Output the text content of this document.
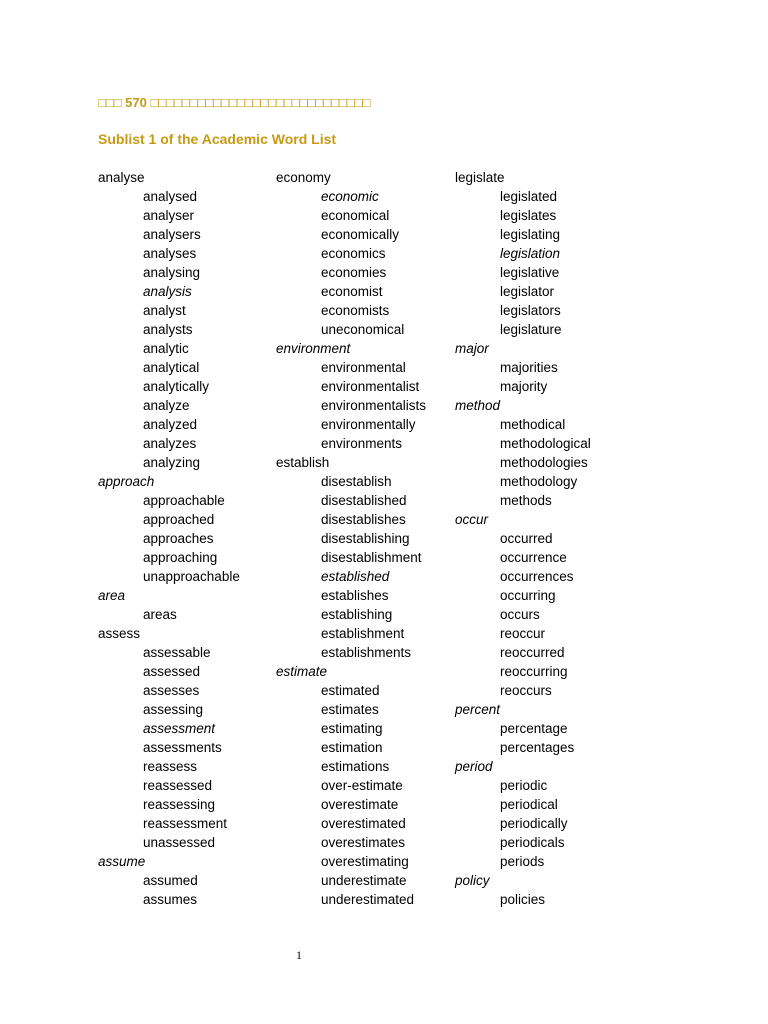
□□□ 570 □□□□□□□□□□□□□□□□□□□□□□□□□□□□
Sublist 1 of the Academic Word List
analyse
analysed
analyser
analysers
analyses
analysing
analysis
analyst
analysts
analytic
analytical
analytically
analyze
analyzed
analyzes
analyzing
approach
approachable
approached
approaches
approaching
unapproachable
area
areas
assess
assessable
assessed
assesses
assessing
assessment
assessments
reassess
reassessed
reassessing
reassessment
unassessed
assume
assumed
assumes
economy
economic
economical
economically
economics
economies
economist
economists
uneconomical
environment
environmental
environmentalist
environmentalists
environmentally
environments
establish
disestablish
disestablished
disestablishes
disestablishing
disestablishment
established
establishes
establishing
establishment
establishments
estimate
estimated
estimates
estimating
estimation
estimations
over-estimate
overestimate
overestimated
overestimates
overestimating
underestimate
underestimated
legislate
legislated
legislates
legislating
legislation
legislative
legislator
legislators
legislature
major
majorities
majority
method
methodical
methodological
methodologies
methodology
methods
occur
occurred
occurrence
occurrences
occurring
occurs
reoccur
reoccurred
reoccurring
reoccurs
percent
percentage
percentages
period
periodic
periodical
periodically
periodicals
periods
policy
policies
1
